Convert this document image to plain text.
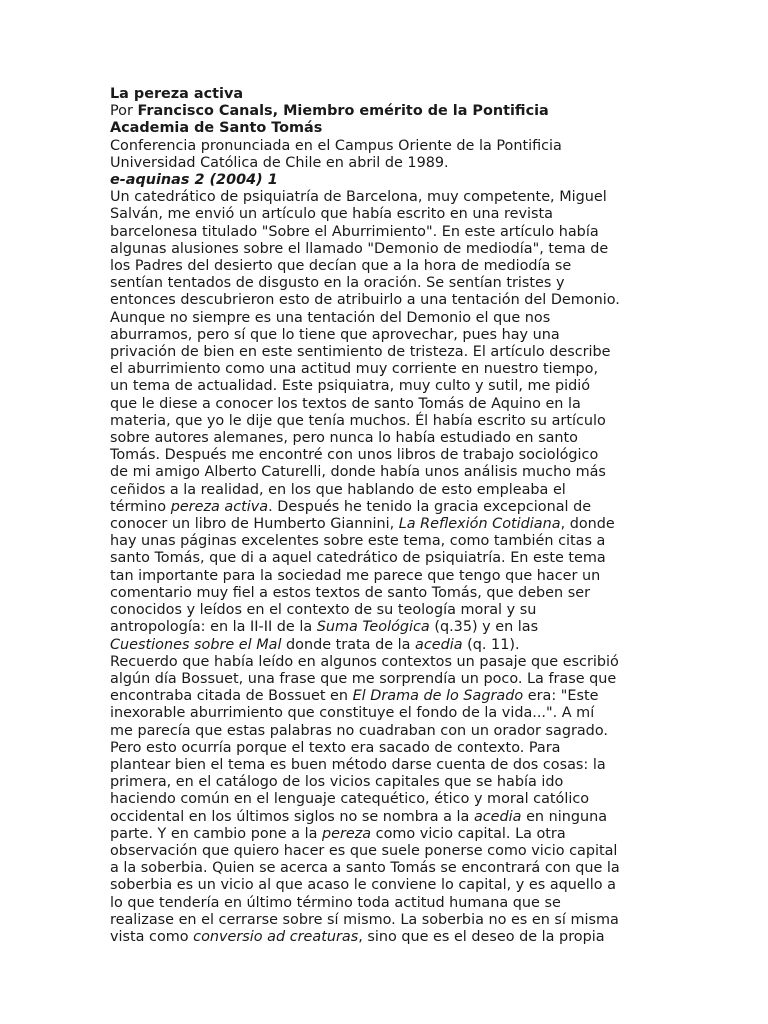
La pereza activa
Por Francisco Canals, Miembro emérito de la Pontificia
Academia de Santo Tomás
Conferencia pronunciada en el Campus Oriente de la Pontificia
Universidad Católica de Chile en abril de 1989.
e-aquinas 2 (2004) 1
Un catedrático de psiquiatría de Barcelona, muy competente, Miguel
Salván, me envió un artículo que había escrito en una revista
barcelonesa titulado "Sobre el Aburrimiento". En este artículo había
algunas alusiones sobre el llamado "Demonio de mediodía", tema de
los Padres del desierto que decían que a la hora de mediodía se
sentían tentados de disgusto en la oración. Se sentían tristes y
entonces descubrieron esto de atribuirlo a una tentación del Demonio.
Aunque no siempre es una tentación del Demonio el que nos
aburramos, pero sí que lo tiene que aprovechar, pues hay una
privación de bien en este sentimiento de tristeza. El artículo describe
el aburrimiento como una actitud muy corriente en nuestro tiempo,
un tema de actualidad. Este psiquiatra, muy culto y sutil, me pidió
que le diese a conocer los textos de santo Tomás de Aquino en la
materia, que yo le dije que tenía muchos. Él había escrito su artículo
sobre autores alemanes, pero nunca lo había estudiado en santo
Tomás. Después me encontré con unos libros de trabajo sociológico
de mi amigo Alberto Caturelli, donde había unos análisis mucho más
ceñidos a la realidad, en los que hablando de esto empleaba el
término pereza activa. Después he tenido la gracia excepcional de
conocer un libro de Humberto Giannini, La Reflexión Cotidiana, donde
hay unas páginas excelentes sobre este tema, como también citas a
santo Tomás, que di a aquel catedrático de psiquiatría. En este tema
tan importante para la sociedad me parece que tengo que hacer un
comentario muy fiel a estos textos de santo Tomás, que deben ser
conocidos y leídos en el contexto de su teología moral y su
antropología: en la II-II de la Suma Teológica (q.35) y en las
Cuestiones sobre el Mal donde trata de la acedia (q. 11).
Recuerdo que había leído en algunos contextos un pasaje que escribió
algún día Bossuet, una frase que me sorprendía un poco. La frase que
encontraba citada de Bossuet en El Drama de lo Sagrado era: "Este
inexorable aburrimiento que constituye el fondo de la vida...". A mí
me parecía que estas palabras no cuadraban con un orador sagrado.
Pero esto ocurría porque el texto era sacado de contexto. Para
plantear bien el tema es buen método darse cuenta de dos cosas: la
primera, en el catálogo de los vicios capitales que se había ido
haciendo común en el lenguaje catequético, ético y moral católico
occidental en los últimos siglos no se nombra a la acedia en ninguna
parte. Y en cambio pone a la pereza como vicio capital. La otra
observación que quiero hacer es que suele ponerse como vicio capital
a la soberbia. Quien se acerca a santo Tomás se encontrará con que la
soberbia es un vicio al que acaso le conviene lo capital, y es aquello a
lo que tendería en último término toda actitud humana que se
realizase en el cerrarse sobre sí mismo. La soberbia no es en sí misma
vista como conversio ad creaturas, sino que es el deseo de la propia
